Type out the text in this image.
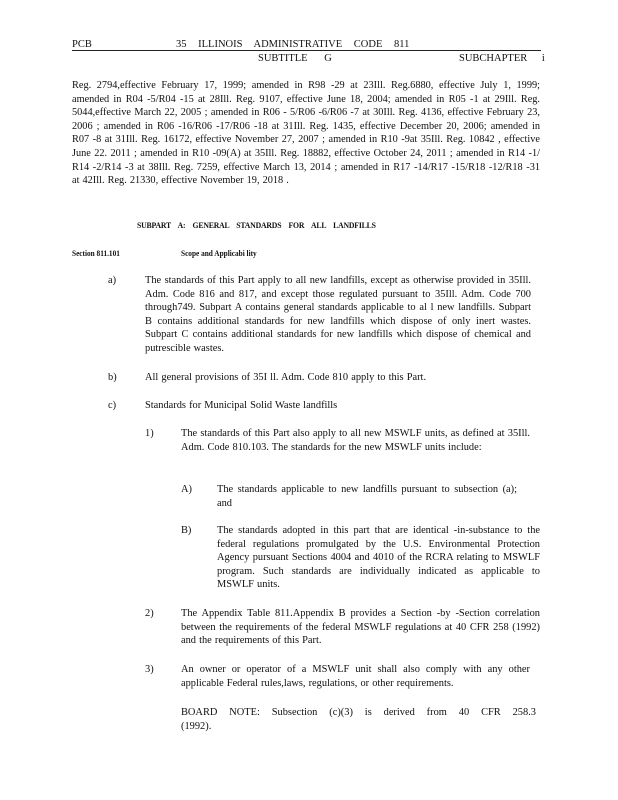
PCB	35 ILLINOIS ADMINISTRATIVE CODE 811
SUBTITLE G	SUBCHAPTER i

Reg. 2794,effective February 17, 1999; amended in R98 -29 at 23Ill. Reg.6880, effective July 1, 1999; amended in R04 -5/R04 -15 at 28Ill. Reg. 9107, effective June 18, 2004; amended in R05 -1 at 29Ill. Reg. 5044,effective March 22, 2005 ; amended in R06 - 5/R06 -6/R06 -7 at 30Ill. Reg. 4136, effective February 23, 2006 ; amended in R06 -16/R06 -17/R06 -18 at 31Ill. Reg. 1435, effective December 20, 2006; amended in R07 -8 at 31Ill. Reg. 16172, effective November 27, 2007 ; amended in R10 -9at 35Ill. Reg. 10842 , effective June 22. 2011 ; amended in R10 -09(A) at 35Ill. Reg. 18882, effective October 24, 2011 ; amended in R14 -1/ R14 -2/R14 -3 at 38Ill. Reg. 7259, effective March 13, 2014 ; amended in R17 -14/R17 -15/R18 -12/R18 -31 at 42Ill. Reg. 21330, effective November 19, 2018 .

SUBPART A: GENERAL STANDARDS FOR ALL LANDFILLS
Section 811.101	Scope and Applicabi lity
a)	The standards of this Part apply to all new landfills, except as otherwise provided in 35Ill. Adm. Code 816 and 817, and except those regulated pursuant to 35Ill. Adm. Code 700 through749. Subpart A contains general standards applicable to al l new landfills. Subpart B contains additional standards for new landfills which dispose of only inert wastes. Subpart C contains additional standards for new landfills which dispose of chemical and putrescible wastes.

b)	All general provisions of 35I ll. Adm. Code 810 apply to this Part.

c)	Standards for Municipal Solid Waste landfills

1)	The standards of this Part also apply to all new MSWLF units, as defined at 35Ill. Adm. Code 810.103. The standards for the new MSWLF units include:

A) The standards applicable to new landfills pursuant to subsection (a); and

B) The standards adopted in this part that are identical -in-substance to the federal regulations promulgated by the U.S. Environmental Protection Agency pursuant Sections 4004 and 4010 of the RCRA relating to MSWLF program. Such standards are individually indicated as applicable to MSWLF units.

2)	The Appendix Table 811.Appendix B provides a Section -by -Section correlation between the requirements of the federal MSWLF regulations at 40 CFR 258 (1992) and the requirements of this Part.

3)	An owner or operator of a MSWLF unit shall also comply with any other applicable Federal rules,laws, regulations, or other requirements.

BOARD NOTE: Subsection (c)(3) is derived from 40 CFR 258.3 (1992).
